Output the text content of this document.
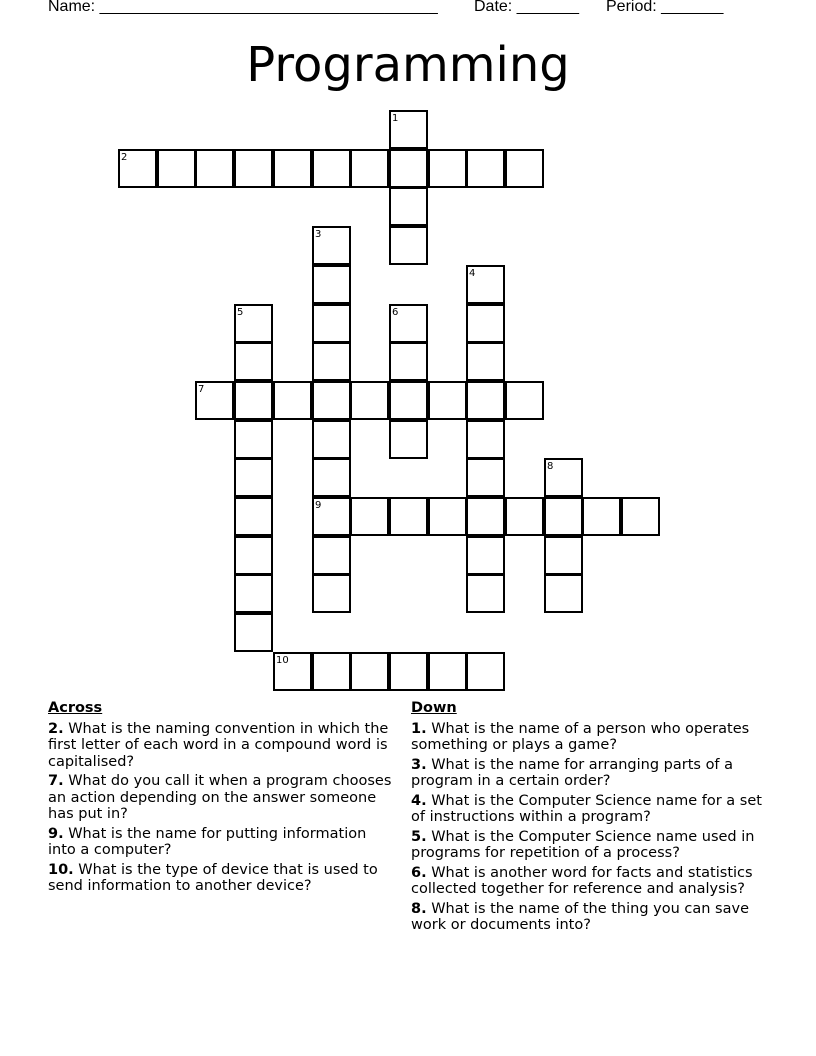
Name: ______________________________________ Date: _______ Period: _______
Programming
1
2
3
4
5	6
7
8
9
10
Across
2. What is the naming convention in which the first letter of each word in a compound word is capitalised?
7. What do you call it when a program chooses an action depending on the answer someone has put in?
9. What is the name for putting information into a computer?
10. What is the type of device that is used to send information to another device?
Down
1. What is the name of a person who operates something or plays a game?
3. What is the name for arranging parts of a program in a certain order?
4. What is the Computer Science name for a set of instructions within a program?
5. What is the Computer Science name used in programs for repetition of a process?
6. What is another word for facts and statistics collected together for reference and analysis?
8. What is the name of the thing you can save work or documents into?
